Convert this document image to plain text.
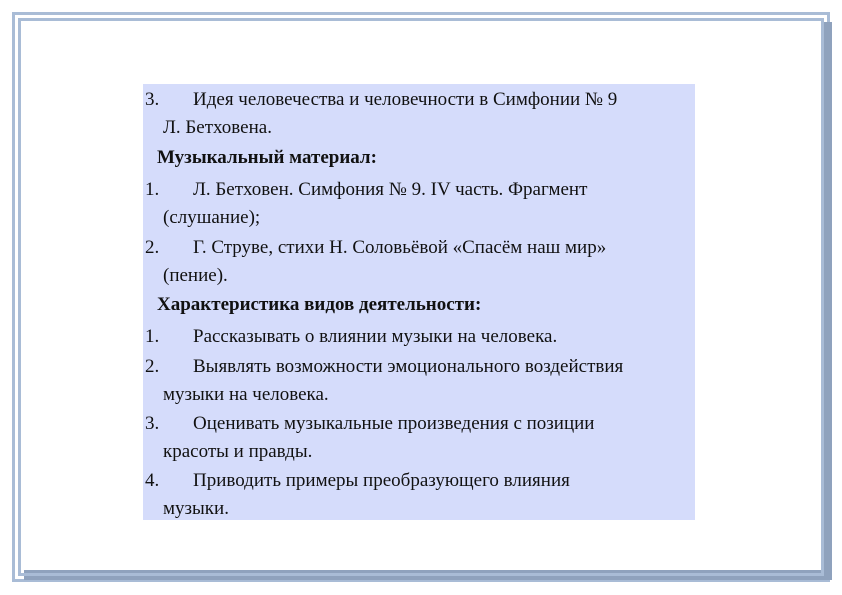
3. Идея человечества и человечности в Симфонии № 9
Л. Бетховена.
Музыкальный материал:
1. Л. Бетховен. Симфония № 9. IV часть. Фрагмент
(слушание);
2. Г. Струве, стихи Н. Соловьёвой «Спасём наш мир»
(пение).
Характеристика видов деятельности:
1. Рассказывать о влиянии музыки на человека.
2. Выявлять возможности эмоционального воздействия
музыки на человека.
3. Оценивать музыкальные произведения с позиции
красоты и правды.
4. Приводить примеры преобразующего влияния
музыки.
